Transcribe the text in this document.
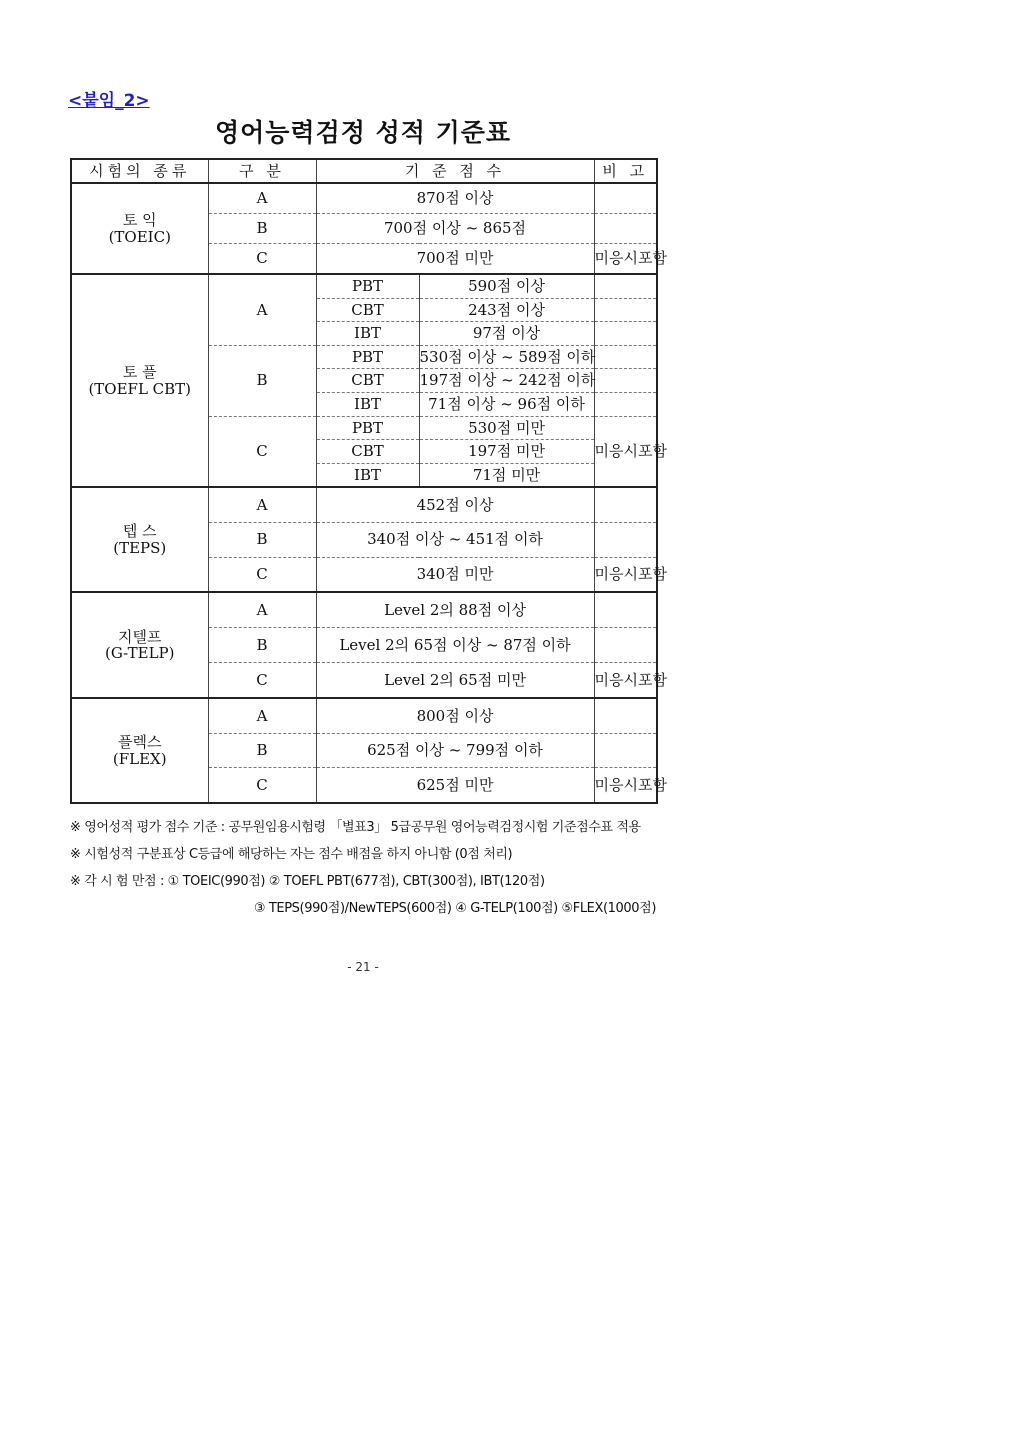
<붙임_2>
영어능력검정 성적 기준표
시험의 종류	구 분	기 준 점 수		비 고

토 익
(TOEIC)	A	870점 이상		
	B	700점 이상 ~ 865점		
	C	700점 미만		미응시포함

토 플
(TOEFL CBT)	A	PBT	590점 이상	
		CBT	243점 이상	
		IBT	97점 이상	
	B	PBT	530점 이상 ~ 589점 이하	
		CBT	197점 이상 ~ 242점 이하	
		IBT	71점 이상 ~ 96점 이하	
	C	PBT	530점 미만	미응시포함
		CBT	197점 미만	
		IBT	71점 미만	

텝 스
(TEPS)	A	452점 이상		
	B	340점 이상 ~ 451점 이하		
	C	340점 미만		미응시포함

지텔프
(G-TELP)	A	Level 2의 88점 이상		
	B	Level 2의 65점 이상 ~ 87점 이하		
	C	Level 2의 65점 미만		미응시포함

플렉스
(FLEX)	A	800점 이상		
	B	625점 이상 ~ 799점 이하		
	C	625점 미만		미응시포함
※ 영어성적 평가 점수 기준 : 공무원임용시험령 「별표3」 5급공무원 영어능력검정시험 기준점수표 적용
※ 시험성적 구분표상 C등급에 해당하는 자는 점수 배점을 하지 아니함 (0점 처리)
※ 각 시 험 만점 : ① TOEIC(990점) ② TOEFL PBT(677점), CBT(300점), IBT(120점)
③ TEPS(990점)/NewTEPS(600점) ④ G-TELP(100점) ⑤FLEX(1000점)
- 21 -
